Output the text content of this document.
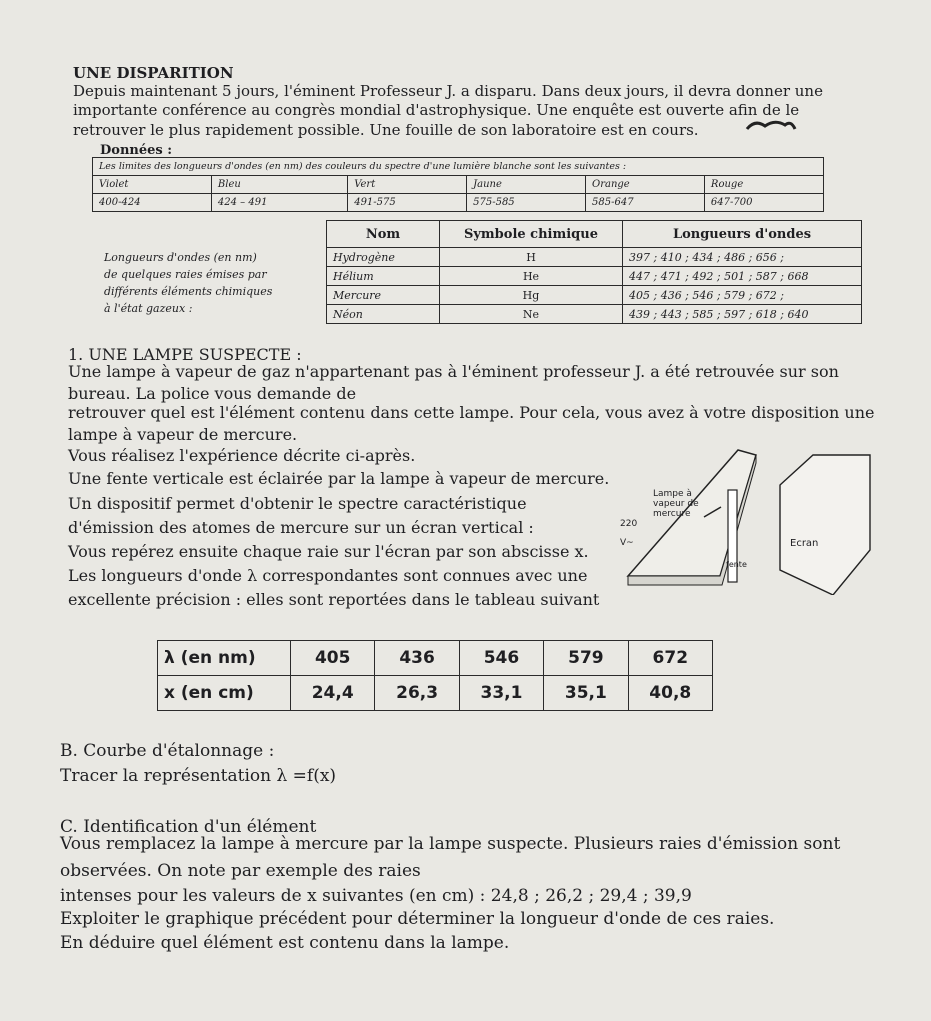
UNE DISPARITION
Depuis maintenant 5 jours, l'éminent Professeur J. a disparu. Dans deux jours, il devra donner une
importante conférence au congrès mondial d'astrophysique. Une enquête est ouverte afin de le
retrouver le plus rapidement possible. Une fouille de son laboratoire est en cours.
Données :
Les limites des longueurs d'ondes (en nm) des couleurs du spectre d'une lumière blanche sont les suivantes :					
Violet	Bleu	Vert	Jaune	Orange	Rouge
400-424	424 – 491	491-575	575-585	585-647	647-700
Longueurs d'ondes (en nm)
de quelques raies émises par
différents éléments chimiques
à l'état gazeux :
Nom	Symbole chimique	Longueurs d'ondes
Hydrogène	H	397 ; 410 ; 434 ; 486 ; 656 ;
Hélium	He	447 ; 471 ; 492 ; 501 ; 587 ; 668
Mercure	Hg	405 ; 436 ; 546 ; 579 ; 672 ;
Néon	Ne	439 ; 443 ; 585 ; 597 ; 618 ; 640
1. UNE LAMPE SUSPECTE :
Une lampe à vapeur de gaz n'appartenant pas à l'éminent professeur J. a été retrouvée sur son
bureau. La police vous demande de
retrouver quel est l'élément contenu dans cette lampe. Pour cela, vous avez à votre disposition une
lampe à vapeur de mercure.
Vous réalisez l'expérience décrite ci-après.
Une fente verticale est éclairée par la lampe à vapeur de mercure.
Un dispositif permet d'obtenir le spectre caractéristique
d'émission des atomes de mercure sur un écran vertical :
Vous repérez ensuite chaque raie sur l'écran par son abscisse x.
Les longueurs d'onde λ correspondantes sont connues avec une
excellente précision : elles sont reportées dans le tableau suivant
Lampe à
vapeur de
mercure
220
V~
fente
Ecran
λ (en nm)	405	436	546	579	672
x (en cm)	24,4	26,3	33,1	35,1	40,8
B. Courbe d'étalonnage :
Tracer la représentation λ =f(x)
C. Identification d'un élément
Vous remplacez la lampe à mercure par la lampe suspecte. Plusieurs raies d'émission sont
observées. On note par exemple des raies
intenses pour les valeurs de x suivantes (en cm) : 24,8 ; 26,2 ; 29,4 ; 39,9
Exploiter le graphique précédent pour déterminer la longueur d'onde de ces raies.
En déduire quel élément est contenu dans la lampe.
